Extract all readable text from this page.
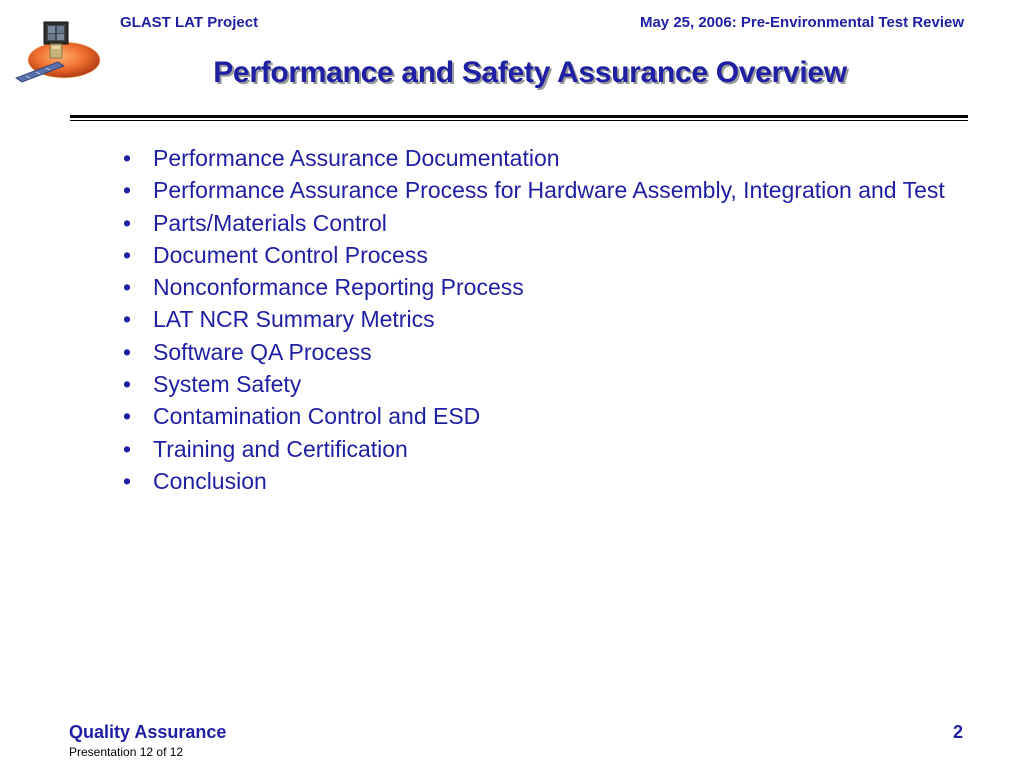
GLAST LAT Project	May 25, 2006: Pre-Environmental Test Review
Performance and Safety Assurance Overview
• Performance Assurance Documentation
• Performance Assurance Process for Hardware Assembly, Integration and Test
• Parts/Materials Control
• Document Control Process
• Nonconformance Reporting Process
• LAT NCR Summary Metrics
• Software QA Process
• System Safety
• Contamination Control and ESD
• Training and Certification
• Conclusion
Quality Assurance
Presentation 12 of 12
2
